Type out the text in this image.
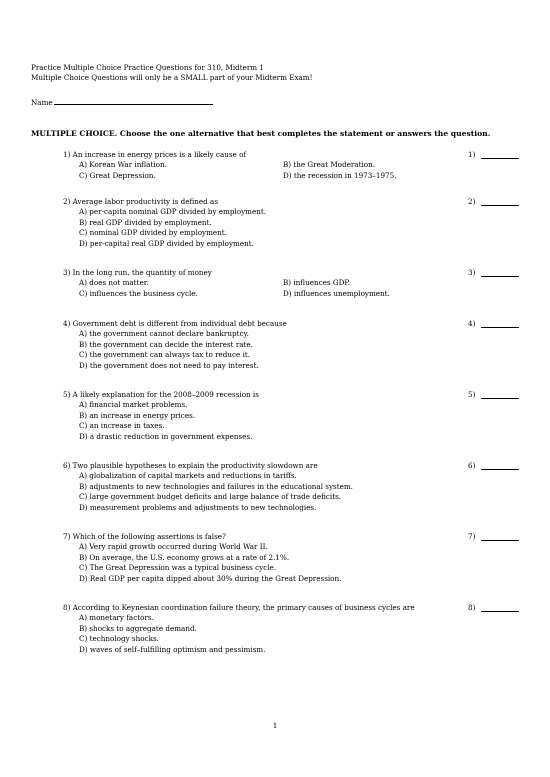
Practice Multiple Choice Practice Questions for 310, Midterm 1
Multiple Choice Questions will only be a SMALL part of your Midterm Exam!
Name
MULTIPLE CHOICE. Choose the one alternative that best completes the statement or answers the question.
1) An increase in energy prices is a likely cause of	1)
A) Korean War inflation.	B) the Great Moderation.
C) Great Depression.	D) the recession in 1973–1975.
2) Average labor productivity is defined as	2)
A) per-capita nominal GDP divided by employment.
B) real GDP divided by employment.
C) nominal GDP divided by employment.
D) per-capital real GDP divided by employment.
3) In the long run, the quantity of money	3)
A) does not matter.	B) influences GDP.
C) influences the business cycle.	D) influences unemployment.
4) Government debt is different from individual debt because	4)
A) the government cannot declare bankruptcy.
B) the government can decide the interest rate.
C) the government can always tax to reduce it.
D) the government does not need to pay interest.
5) A likely explanation for the 2008–2009 recession is	5)
A) financial market problems.
B) an increase in energy prices.
C) an increase in taxes.
D) a drastic reduction in government expenses.
6) Two plausible hypotheses to explain the productivity slowdown are	6)
A) globalization of capital markets and reductions in tariffs.
B) adjustments to new technologies and failures in the educational system.
C) large government budget deficits and large balance of trade deficits.
D) measurement problems and adjustments to new technologies.
7) Which of the following assertions is false?	7)
A) Very rapid growth occurred during World War II.
B) On average, the U.S. economy grows at a rate of 2.1%.
C) The Great Depression was a typical business cycle.
D) Real GDP per capita dipped about 30% during the Great Depression.
8) According to Keynesian coordination failure theory, the primary causes of business cycles are	8)
A) monetary factors.
B) shocks to aggregate demand.
C) technology shocks.
D) waves of self–fulfilling optimism and pessimism.
1
